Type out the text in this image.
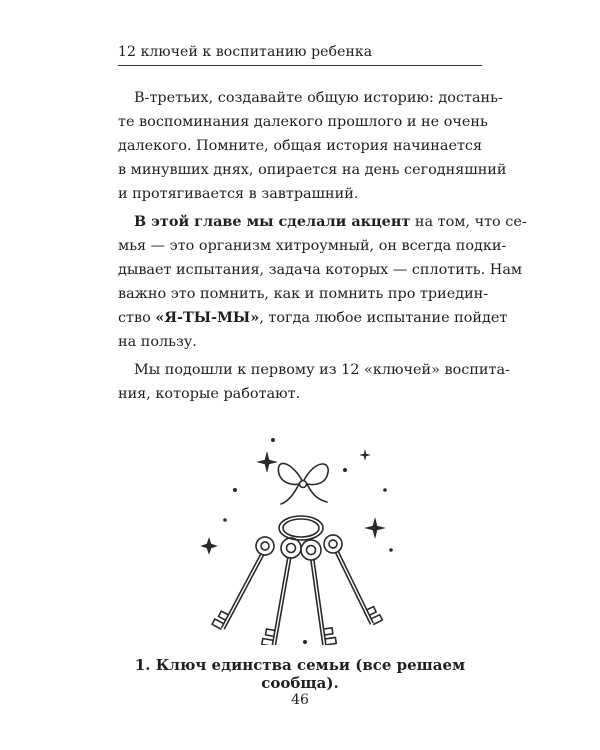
12 ключей к воспитанию ребенка
В-третьих, создавайте общую историю: достань-
те воспоминания далекого прошлого и не очень
далекого. Помните, общая история начинается
в минувших днях, опирается на день сегодняшний
и протягивается в завтрашний.
В этой главе мы сделали акцент на том, что се-
мья — это организм хитроумный, он всегда подки-
дывает испытания, задача которых — сплотить. Нам
важно это помнить, как и помнить про триедин-
ство «Я-ТЫ-МЫ», тогда любое испытание пойдет
на пользу.
Мы подошли к первому из 12 «ключей» воспита-
ния, которые работают.
1. Ключ единства семьи (все решаем сообща).
46
